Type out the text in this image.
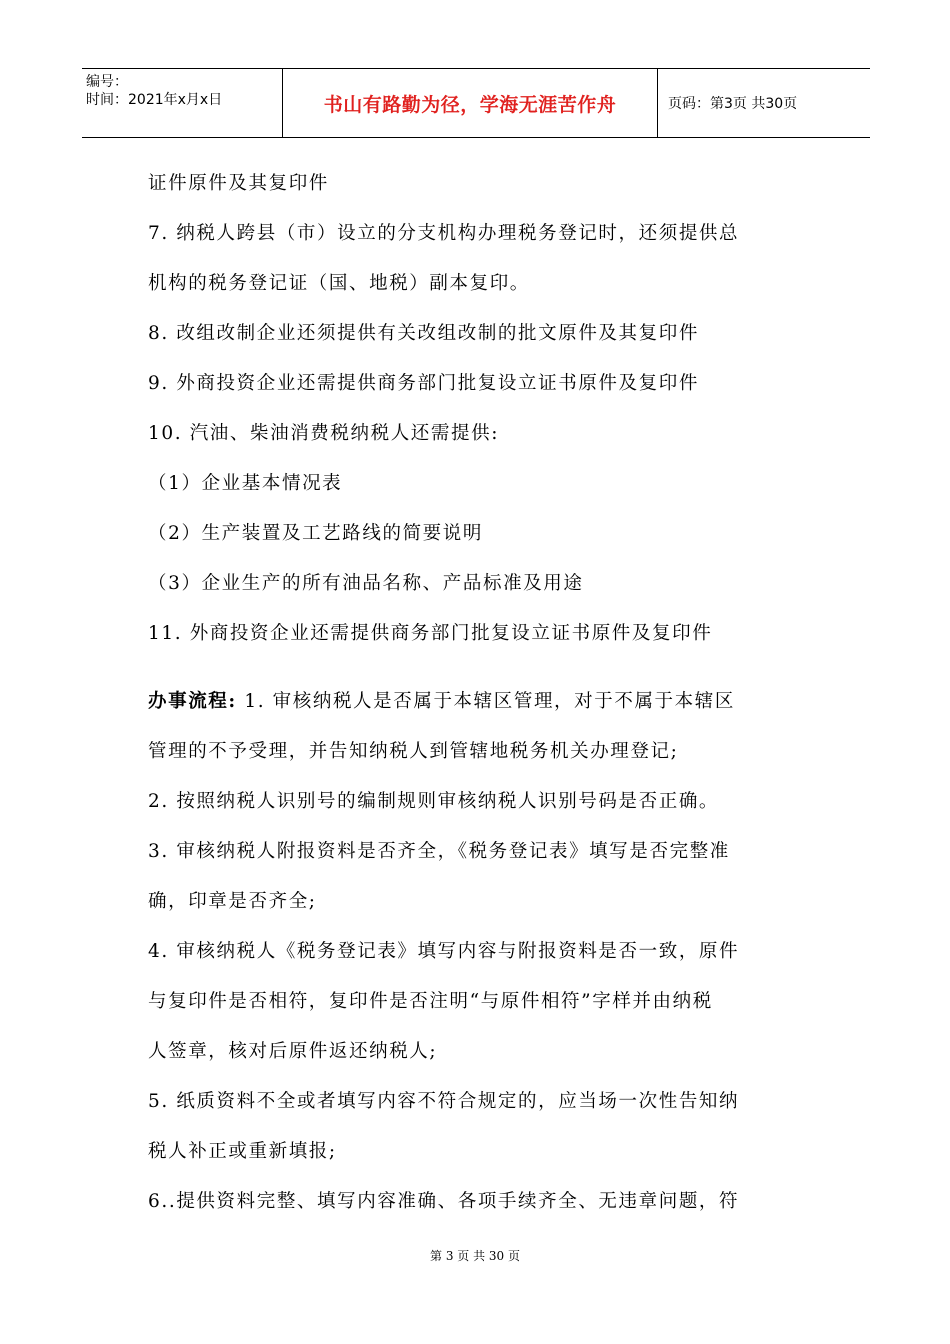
编号：
时间：2021年x月x日	书山有路勤为径，学海无涯苦作舟	页码：第3页 共30页
证件原件及其复印件
7. 纳税人跨县（市）设立的分支机构办理税务登记时，还须提供总
机构的税务登记证（国、地税）副本复印。
8. 改组改制企业还须提供有关改组改制的批文原件及其复印件
9. 外商投资企业还需提供商务部门批复设立证书原件及复印件
10. 汽油、柴油消费税纳税人还需提供:
（1）企业基本情况表
（2）生产装置及工艺路线的简要说明
（3）企业生产的所有油品名称、产品标准及用途
11. 外商投资企业还需提供商务部门批复设立证书原件及复印件
办事流程: 1. 审核纳税人是否属于本辖区管理，对于不属于本辖区
管理的不予受理，并告知纳税人到管辖地税务机关办理登记;
2. 按照纳税人识别号的编制规则审核纳税人识别号码是否正确。
3. 审核纳税人附报资料是否齐全，《税务登记表》填写是否完整准
确，印章是否齐全;
4. 审核纳税人《税务登记表》填写内容与附报资料是否一致，原件
与复印件是否相符，复印件是否注明“与原件相符”字样并由纳税
人签章，核对后原件返还纳税人;
5. 纸质资料不全或者填写内容不符合规定的，应当场一次性告知纳
税人补正或重新填报;
6..提供资料完整、填写内容准确、各项手续齐全、无违章问题，符
第 3 页 共 30 页
